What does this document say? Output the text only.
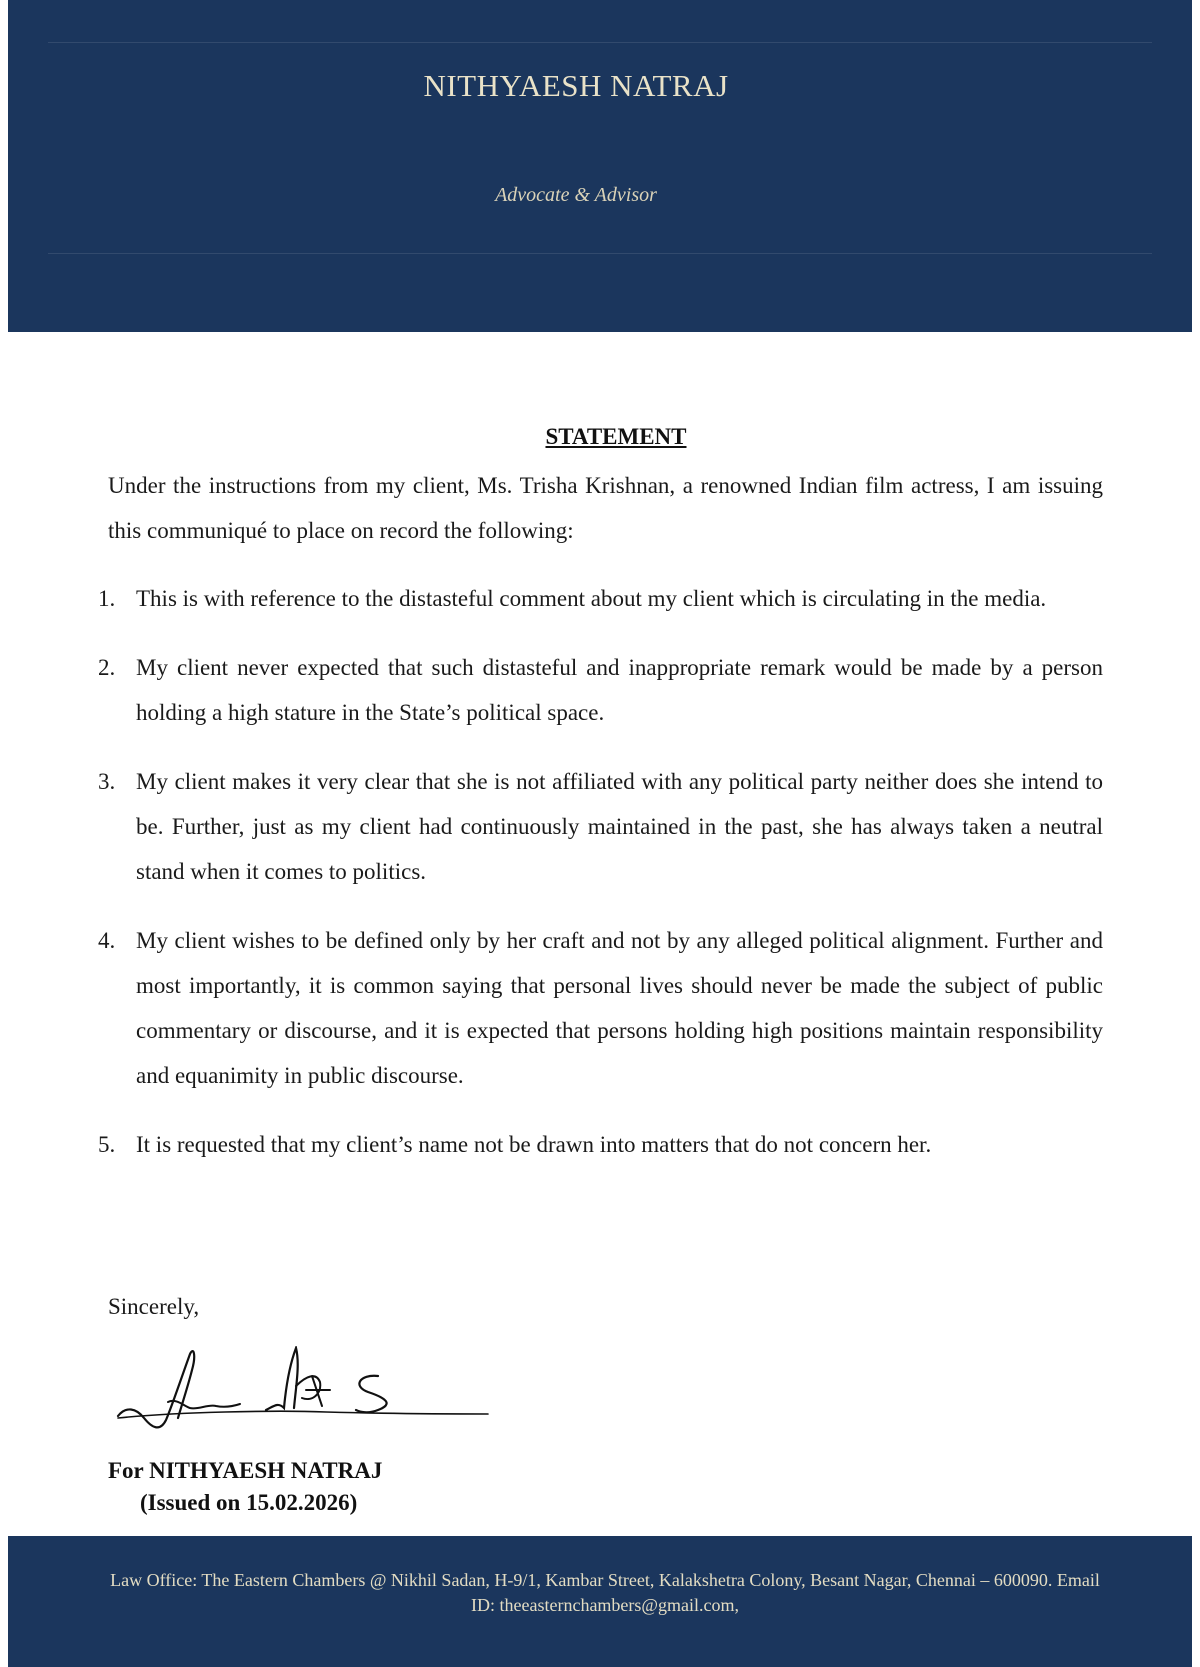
NITHYAESH NATRAJ
Advocate & Advisor
STATEMENT
Under the instructions from my client, Ms. Trisha Krishnan, a renowned Indian film actress, I am issuing this communiqué to place on record the following:
1. This is with reference to the distasteful comment about my client which is circulating in the media.
2. My client never expected that such distasteful and inappropriate remark would be made by a person holding a high stature in the State’s political space.
3. My client makes it very clear that she is not affiliated with any political party neither does she intend to be. Further, just as my client had continuously maintained in the past, she has always taken a neutral stand when it comes to politics.
4. My client wishes to be defined only by her craft and not by any alleged political alignment. Further and most importantly, it is common saying that personal lives should never be made the subject of public commentary or discourse, and it is expected that persons holding high positions maintain responsibility and equanimity in public discourse.
5. It is requested that my client’s name not be drawn into matters that do not concern her.
Sincerely,
For NITHYAESH NATRAJ
(Issued on 15.02.2026)
Law Office: The Eastern Chambers @ Nikhil Sadan, H-9/1, Kambar Street, Kalakshetra Colony, Besant Nagar, Chennai – 600090. Email ID: theeasternchambers@gmail.com,
